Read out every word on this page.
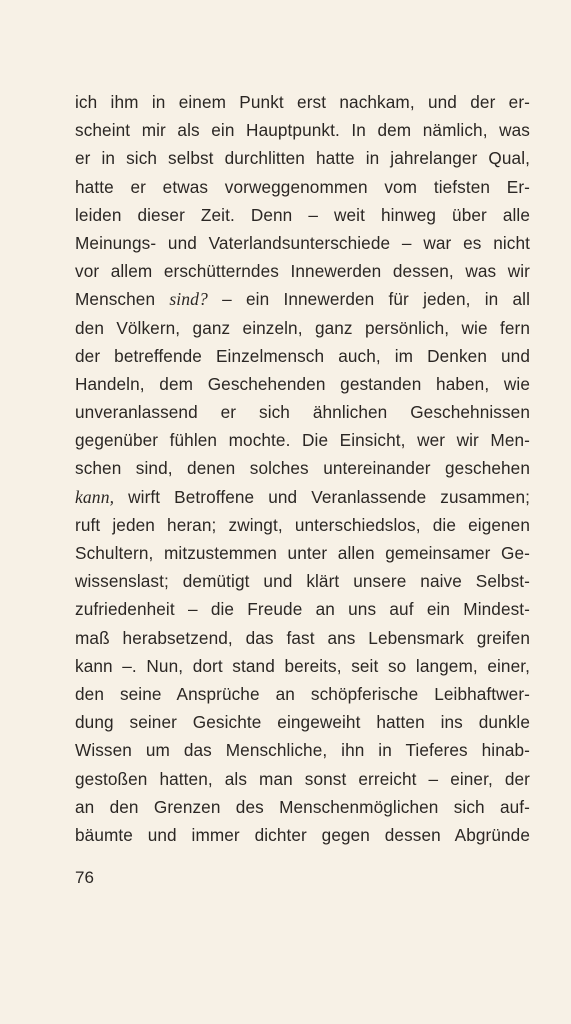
ich ihm in einem Punkt erst nachkam, und der er-
scheint mir als ein Hauptpunkt. In dem nämlich, was
er in sich selbst durchlitten hatte in jahrelanger Qual,
hatte er etwas vorweggenommen vom tiefsten Er-
leiden dieser Zeit. Denn – weit hinweg über alle
Meinungs- und Vaterlandsunterschiede – war es nicht
vor allem erschütterndes Innewerden dessen, was wir
Menschen sind? – ein Innewerden für jeden, in all
den Völkern, ganz einzeln, ganz persönlich, wie fern
der betreffende Einzelmensch auch, im Denken und
Handeln, dem Geschehenden gestanden haben, wie
unveranlassend er sich ähnlichen Geschehnissen
gegenüber fühlen mochte. Die Einsicht, wer wir Men-
schen sind, denen solches untereinander geschehen
kann, wirft Betroffene und Veranlassende zusammen;
ruft jeden heran; zwingt, unterschiedslos, die eigenen
Schultern, mitzustemmen unter allen gemeinsamer Ge-
wissenslast; demütigt und klärt unsere naive Selbst-
zufriedenheit – die Freude an uns auf ein Mindest-
maß herabsetzend, das fast ans Lebensmark greifen
kann –. Nun, dort stand bereits, seit so langem, einer,
den seine Ansprüche an schöpferische Leibhaftwer-
dung seiner Gesichte eingeweiht hatten ins dunkle
Wissen um das Menschliche, ihn in Tieferes hinab-
gestoßen hatten, als man sonst erreicht – einer, der
an den Grenzen des Menschenmöglichen sich auf-
bäumte und immer dichter gegen dessen Abgründe
76
